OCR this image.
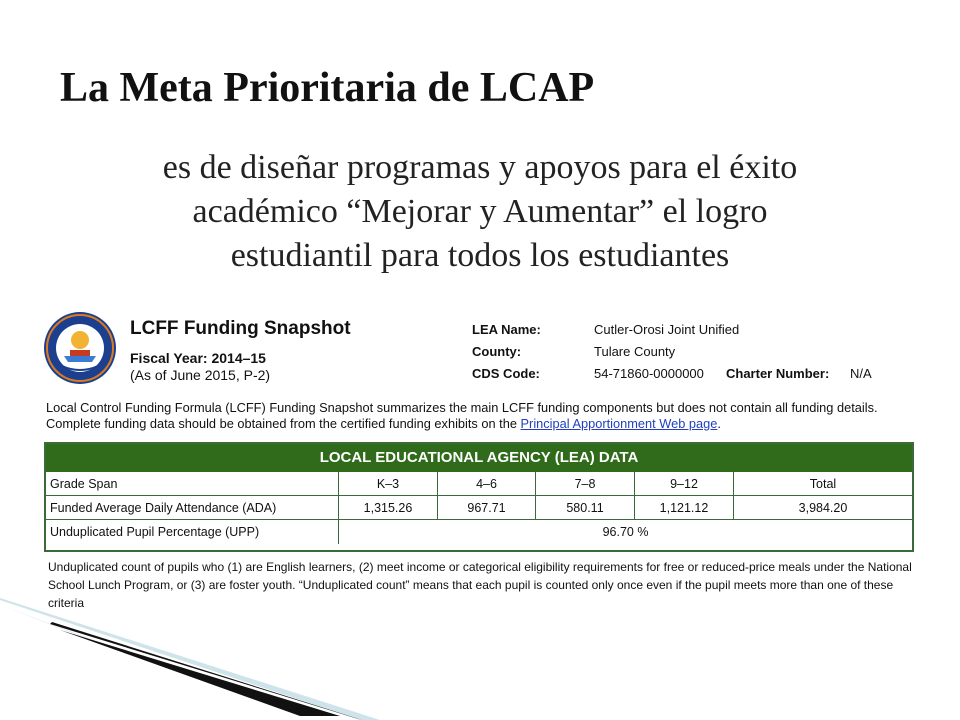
La Meta Prioritaria de LCAP
es de diseñar programas y apoyos para el éxito
académico “Mejorar y Aumentar” el logro
estudiantil para todos los estudiantes
LCFF Funding Snapshot
Fiscal Year: 2014–15
(As of June 2015, P-2)
LEA Name:	Cutler-Orosi Joint Unified
County:	Tulare County
CDS Code:	54-71860-0000000 Charter Number: N/A
Local Control Funding Formula (LCFF) Funding Snapshot summarizes the main LCFF funding components but does not contain all funding details. Complete funding data should be obtained from the certified funding exhibits on the Principal Apportionment Web page.
LOCAL EDUCATIONAL AGENCY (LEA) DATA
Grade Span	K–3	4–6	7–8	9–12	Total
Funded Average Daily Attendance (ADA)	1,315.26	967.71	580.11	1,121.12	3,984.20
Unduplicated Pupil Percentage (UPP)	96.70 %
Unduplicated count of pupils who (1) are English learners, (2) meet income or categorical eligibility requirements for free or reduced-price meals under the National School Lunch Program, or (3) are foster youth. “Unduplicated count” means that each pupil is counted only once even if the pupil meets more than one of these criteria
